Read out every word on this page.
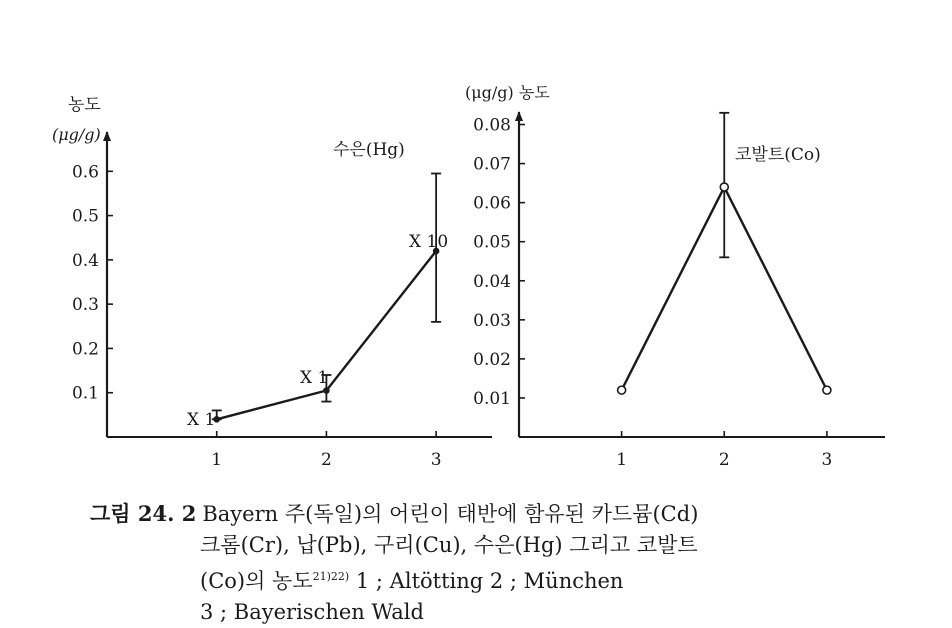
0.1
0.2
0.3
0.4
0.5
0.6
1	2	3
농도
(μg/g)
수은(Hg)
X 1
X 1
X 10
0.01
0.02
0.03
0.04
0.05
0.06
0.07
0.08
1	2	3
(μg/g) 농도
코발트(Co)
그림 24. 2 Bayern 주(독일)의 어린이 태반에 함유된 카드뮴(Cd)
크롬(Cr), 납(Pb), 구리(Cu), 수은(Hg) 그리고 코발트
(Co)의 농도$^{21)22)}$ 1 ; Altötting 2 ; München
3 ; Bayerischen Wald
